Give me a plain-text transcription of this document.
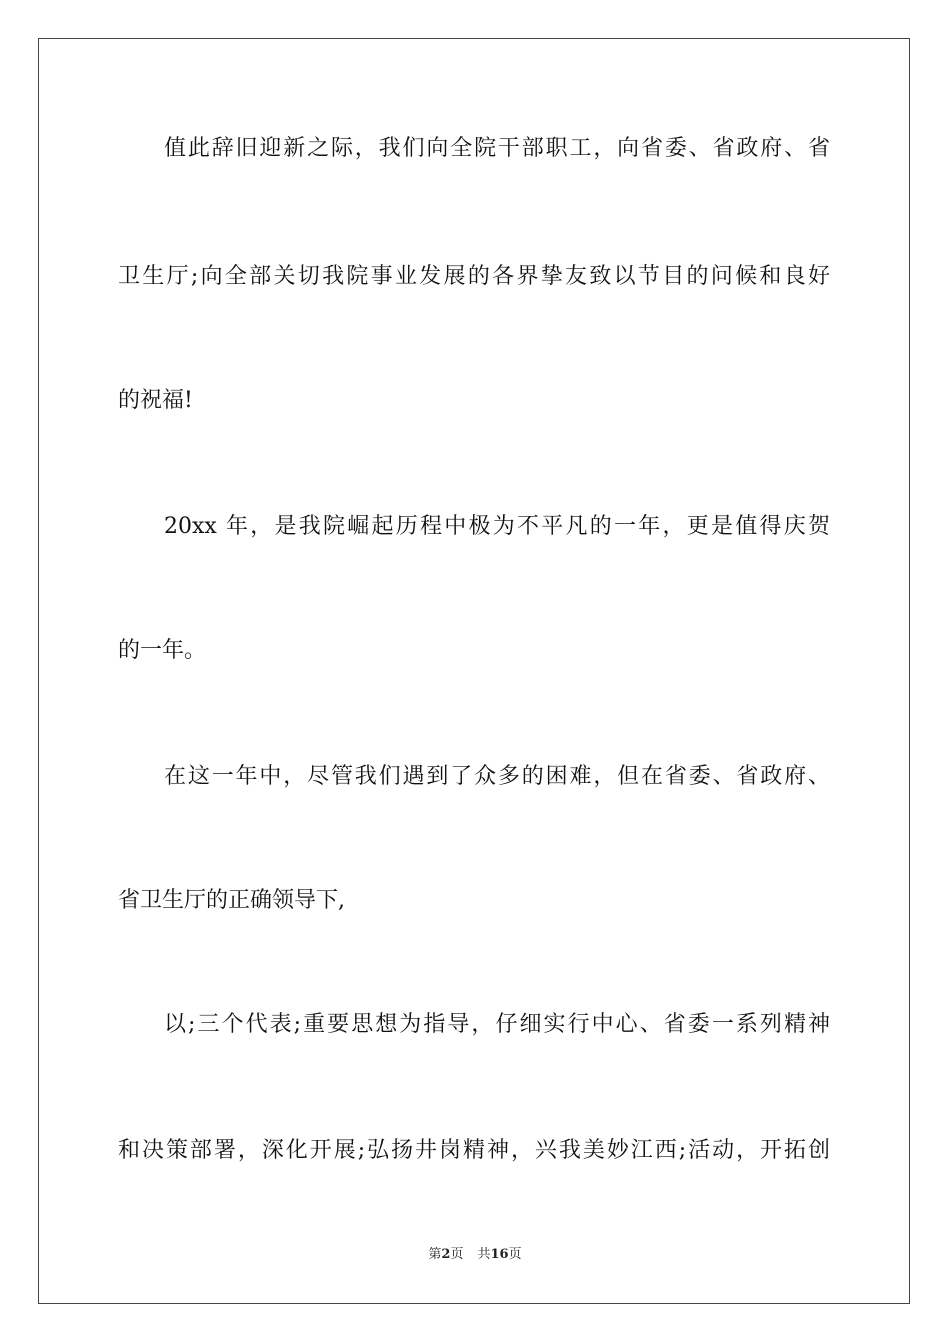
值此辞旧迎新之际，我们向全院干部职工，向省委、省政府、省
卫生厅;向全部关切我院事业发展的各界挚友致以节目的问候和良好
的祝福!
20xx 年，是我院崛起历程中极为不平凡的一年，更是值得庆贺
的一年。
在这一年中，尽管我们遇到了众多的困难，但在省委、省政府、
省卫生厅的正确领导下,
以;三个代表;重要思想为指导，仔细实行中心、省委一系列精神
和决策部署，深化开展;弘扬井岗精神，兴我美妙江西;活动，开拓创
第2页 共16页
